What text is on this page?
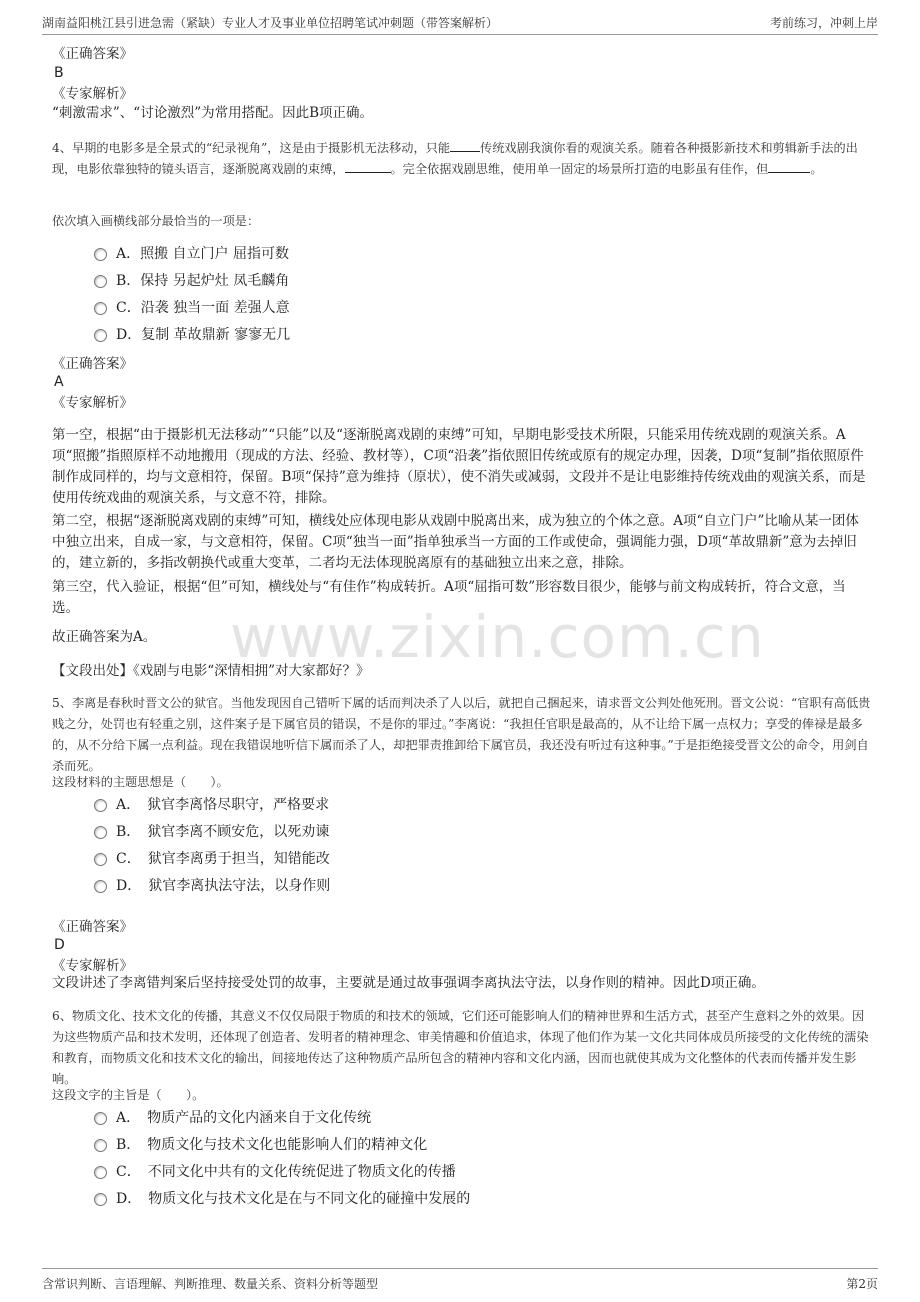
湖南益阳桃江县引进急需（紧缺）专业人才及事业单位招聘笔试冲刺题（带答案解析）	考前练习，冲刺上岸
www.zixin.com.cn
《正确答案》
B
《专家解析》
“刺激需求”、“讨论激烈”为常用搭配。因此B项正确。
4、早期的电影多是全景式的“纪录视角”，这是由于摄影机无法移动，只能 传统戏剧我演你看的观演关系。随着各种摄影新技术和剪辑新手法的出现，电影依靠独特的镜头语言，逐渐脱离戏剧的束缚，	。完全依据戏剧思维，使用单一固定的场景所打造的电影虽有佳作，但	。
依次填入画横线部分最恰当的一项是：
A．照搬 自立门户 屈指可数
B．保持 另起炉灶 凤毛麟角
C．沿袭 独当一面 差强人意
D．复制 革故鼎新 寥寥无几
《正确答案》
A
《专家解析》
第一空，根据“由于摄影机无法移动”“只能”以及“逐渐脱离戏剧的束缚”可知，早期电影受技术所限，只能采用传统戏剧的观演关系。A项“照搬”指照原样不动地搬用（现成的方法、经验、教材等），C项“沿袭”指依照旧传统或原有的规定办理，因袭，D项“复制”指依照原件制作成同样的，均与文意相符，保留。B项“保持”意为维持（原状），使不消失或减弱，文段并不是让电影维持传统戏曲的观演关系，而是使用传统戏曲的观演关系，与文意不符，排除。
第二空，根据“逐渐脱离戏剧的束缚”可知，横线处应体现电影从戏剧中脱离出来，成为独立的个体之意。A项“自立门户”比喻从某一团体中独立出来，自成一家，与文意相符，保留。C项“独当一面”指单独承当一方面的工作或使命，强调能力强，D项“革故鼎新”意为去掉旧的，建立新的，多指改朝换代或重大变革，二者均无法体现脱离原有的基础独立出来之意，排除。
第三空，代入验证，根据“但”可知，横线处与“有佳作”构成转折。A项“屈指可数”形容数目很少，能够与前文构成转折，符合文意，当选。
故正确答案为A。
【文段出处】《戏剧与电影“深情相拥”对大家都好？》
5、李离是春秋时晋文公的狱官。当他发现因自己错听下属的话而判决杀了人以后，就把自己捆起来，请求晋文公判处他死刑。晋文公说：“官职有高低贵贱之分，处罚也有轻重之别，这件案子是下属官员的错误，不是你的罪过。”李离说：“我担任官职是最高的，从不让给下属一点权力；享受的俸禄是最多的，从不分给下属一点利益。现在我错误地听信下属而杀了人，却把罪责推卸给下属官员，我还没有听过有这种事。”于是拒绝接受晋文公的命令，用剑自杀而死。
这段材料的主题思想是（　　）。
A．　狱官李离恪尽职守，严格要求
B．　狱官李离不顾安危，以死劝谏
C．　狱官李离勇于担当，知错能改
D．　狱官李离执法守法，以身作则
《正确答案》
D
《专家解析》
文段讲述了李离错判案后坚持接受处罚的故事，主要就是通过故事强调李离执法守法，以身作则的精神。因此D项正确。
6、物质文化、技术文化的传播，其意义不仅仅局限于物质的和技术的领域，它们还可能影响人们的精神世界和生活方式，甚至产生意料之外的效果。因为这些物质产品和技术发明，还体现了创造者、发明者的精神理念、审美情趣和价值追求，体现了他们作为某一文化共同体成员所接受的文化传统的濡染和教育，而物质文化和技术文化的输出，间接地传达了这种物质产品所包含的精神内容和文化内涵，因而也就使其成为文化整体的代表而传播并发生影响。
这段文字的主旨是（　　）。
A．　物质产品的文化内涵来自于文化传统
B．　物质文化与技术文化也能影响人们的精神文化
C．　不同文化中共有的文化传统促进了物质文化的传播
D．　物质文化与技术文化是在与不同文化的碰撞中发展的
含常识判断、言语理解、判断推理、数量关系、资料分析等题型	第2页
